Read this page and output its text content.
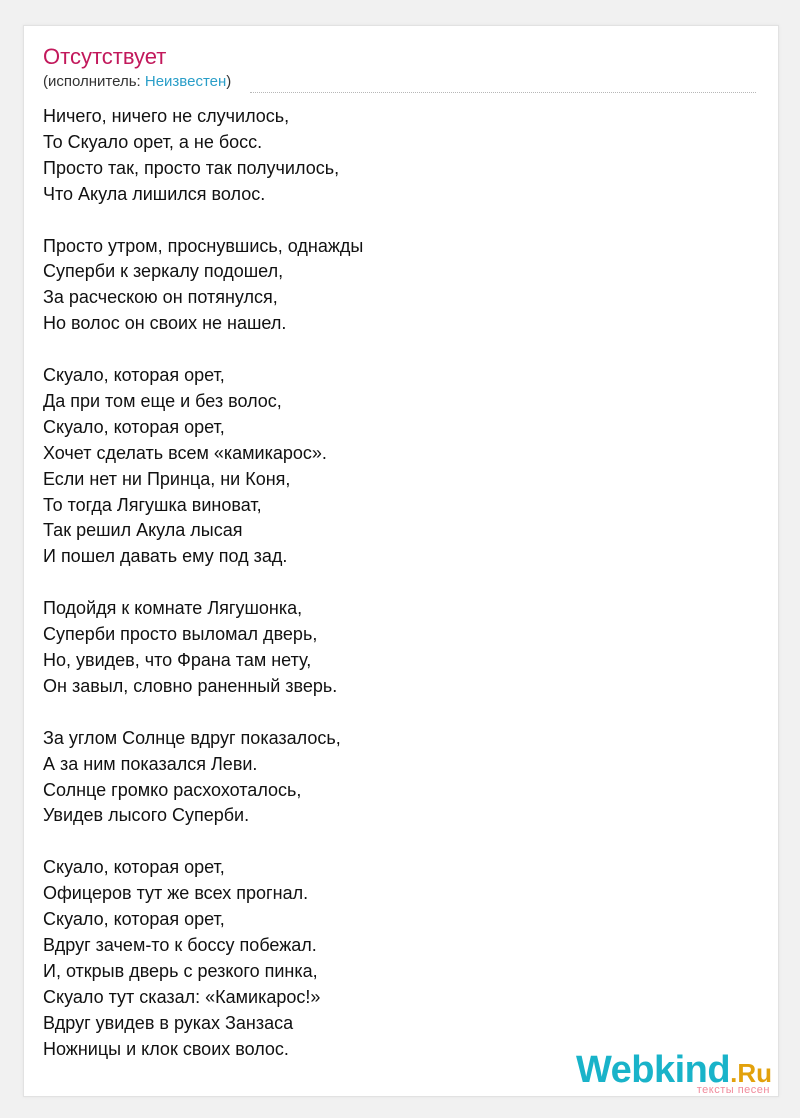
Отсутствует
(исполнитель: Неизвестен)
Ничего, ничего не случилось,
То Скуало орет, а не босс.
Просто так, просто так получилось,
Что Акула лишился волос.
Просто утром, проснувшись, однажды
Суперби к зеркалу подошел,
За расческою он потянулся,
Но волос он своих не нашел.
Скуало, которая орет,
Да при том еще и без волос,
Скуало, которая орет,
Хочет сделать всем «камикарос».
Если нет ни Принца, ни Коня,
То тогда Лягушка виноват,
Так решил Акула лысая
И пошел давать ему под зад.
Подойдя к комнате Лягушонка,
Суперби просто выломал дверь,
Но, увидев, что Франа там нету,
Он завыл, словно раненный зверь.
За углом Солнце вдруг показалось,
А за ним показался Леви.
Солнце громко расхохоталось,
Увидев лысого Суперби.
Скуало, которая орет,
Офицеров тут же всех прогнал.
Скуало, которая орет,
Вдруг зачем-то к боссу побежал.
И, открыв дверь с резкого пинка,
Скуало тут сказал: «Камикарос!»
Вдруг увидев в руках Занзаса
Ножницы и клок своих волос.
Webkind.Ru
тексты песен
